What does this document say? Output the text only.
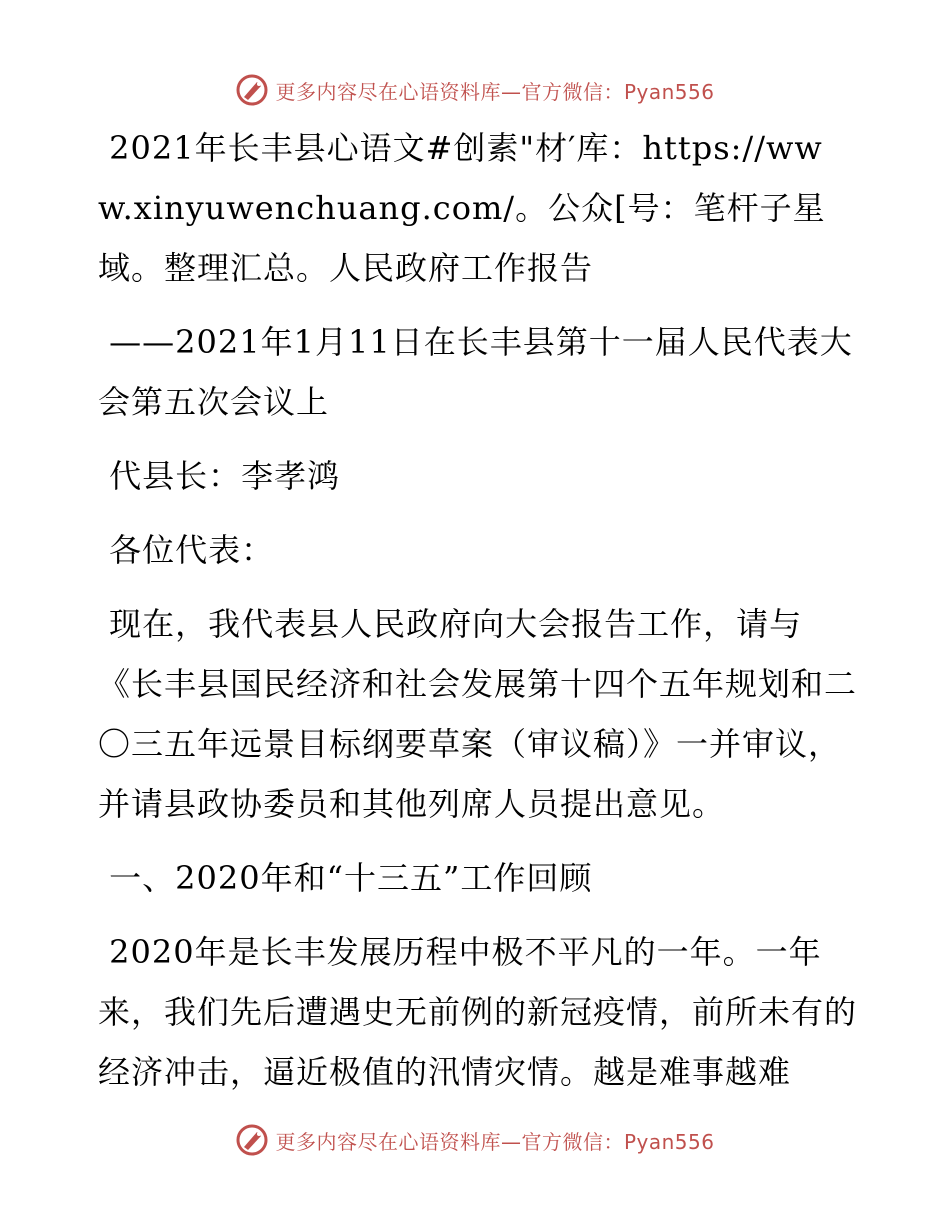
更多内容尽在心语资料库—官方微信：Pyan556

2021年长丰县心语文#创素"材′库：https://www.xinyuwenchuang.com/。公众[号：笔杆子星域。整理汇总。人民政府工作报告

——2021年1月11日在长丰县第十一届人民代表大会第五次会议上

代县长：李孝鸿

各位代表：

现在，我代表县人民政府向大会报告工作，请与《长丰县国民经济和社会发展第十四个五年规划和二〇三五年远景目标纲要草案（审议稿）》一并审议，并请县政协委员和其他列席人员提出意见。

一、2020年和“十三五”工作回顾

2020年是长丰发展历程中极不平凡的一年。一年来，我们先后遭遇史无前例的新冠疫情，前所未有的经济冲击，逼近极值的汛情灾情。越是难事越难

更多内容尽在心语资料库—官方微信：Pyan556
